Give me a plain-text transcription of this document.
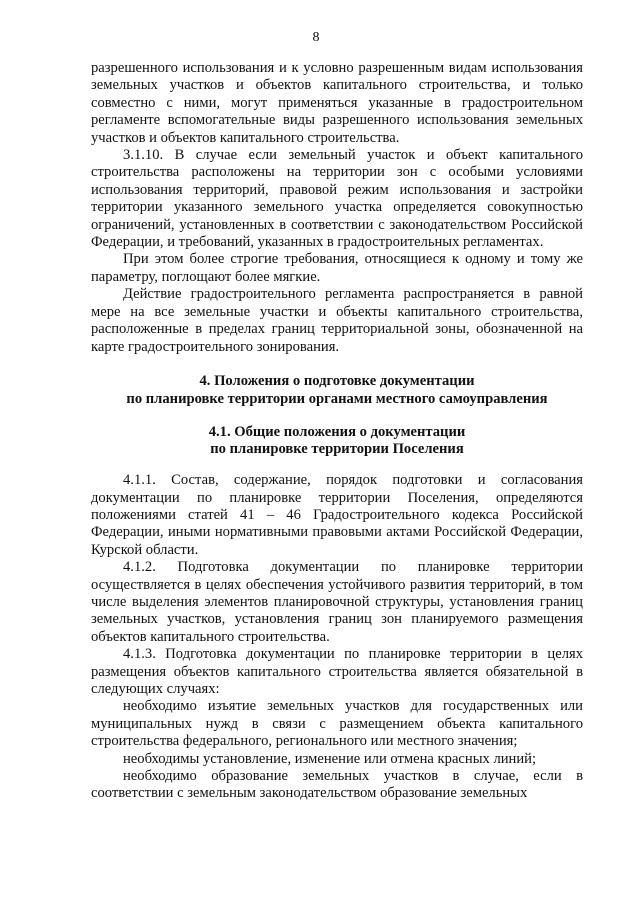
8

разрешенного использования и к условно разрешенным видам использования земельных участков и объектов капитального строительства, и только совместно с ними, могут применяться указанные в градостроительном регламенте вспомогательные виды разрешенного использования земельных участков и объектов капитального строительства.

3.1.10. В случае если земельный участок и объект капитального строительства расположены на территории зон с особыми условиями использования территорий, правовой режим использования и застройки территории указанного земельного участка определяется совокупностью ограничений, установленных в соответствии с законодательством Российской Федерации, и требований, указанных в градостроительных регламентах.

При этом более строгие требования, относящиеся к одному и тому же параметру, поглощают более мягкие.

Действие градостроительного регламента распространяется в равной мере на все земельные участки и объекты капитального строительства, расположенные в пределах границ территориальной зоны, обозначенной на карте градостроительного зонирования.

4. Положения о подготовке документации

по планировке территории органами местного самоуправления

4.1. Общие положения о документации

по планировке территории Поселения

4.1.1. Состав, содержание, порядок подготовки и согласования документации по планировке территории Поселения, определяются положениями статей 41 – 46 Градостроительного кодекса Российской Федерации, иными нормативными правовыми актами Российской Федерации, Курской области.

4.1.2. Подготовка документации по планировке территории осуществляется в целях обеспечения устойчивого развития территорий, в том числе выделения элементов планировочной структуры, установления границ земельных участков, установления границ зон планируемого размещения объектов капитального строительства.

4.1.3. Подготовка документации по планировке территории в целях размещения объектов капитального строительства является обязательной в следующих случаях:

необходимо изъятие земельных участков для государственных или муниципальных нужд в связи с размещением объекта капитального строительства федерального, регионального или местного значения;

необходимы установление, изменение или отмена красных линий;

необходимо образование земельных участков в случае, если в соответствии с земельным законодательством образование земельных
